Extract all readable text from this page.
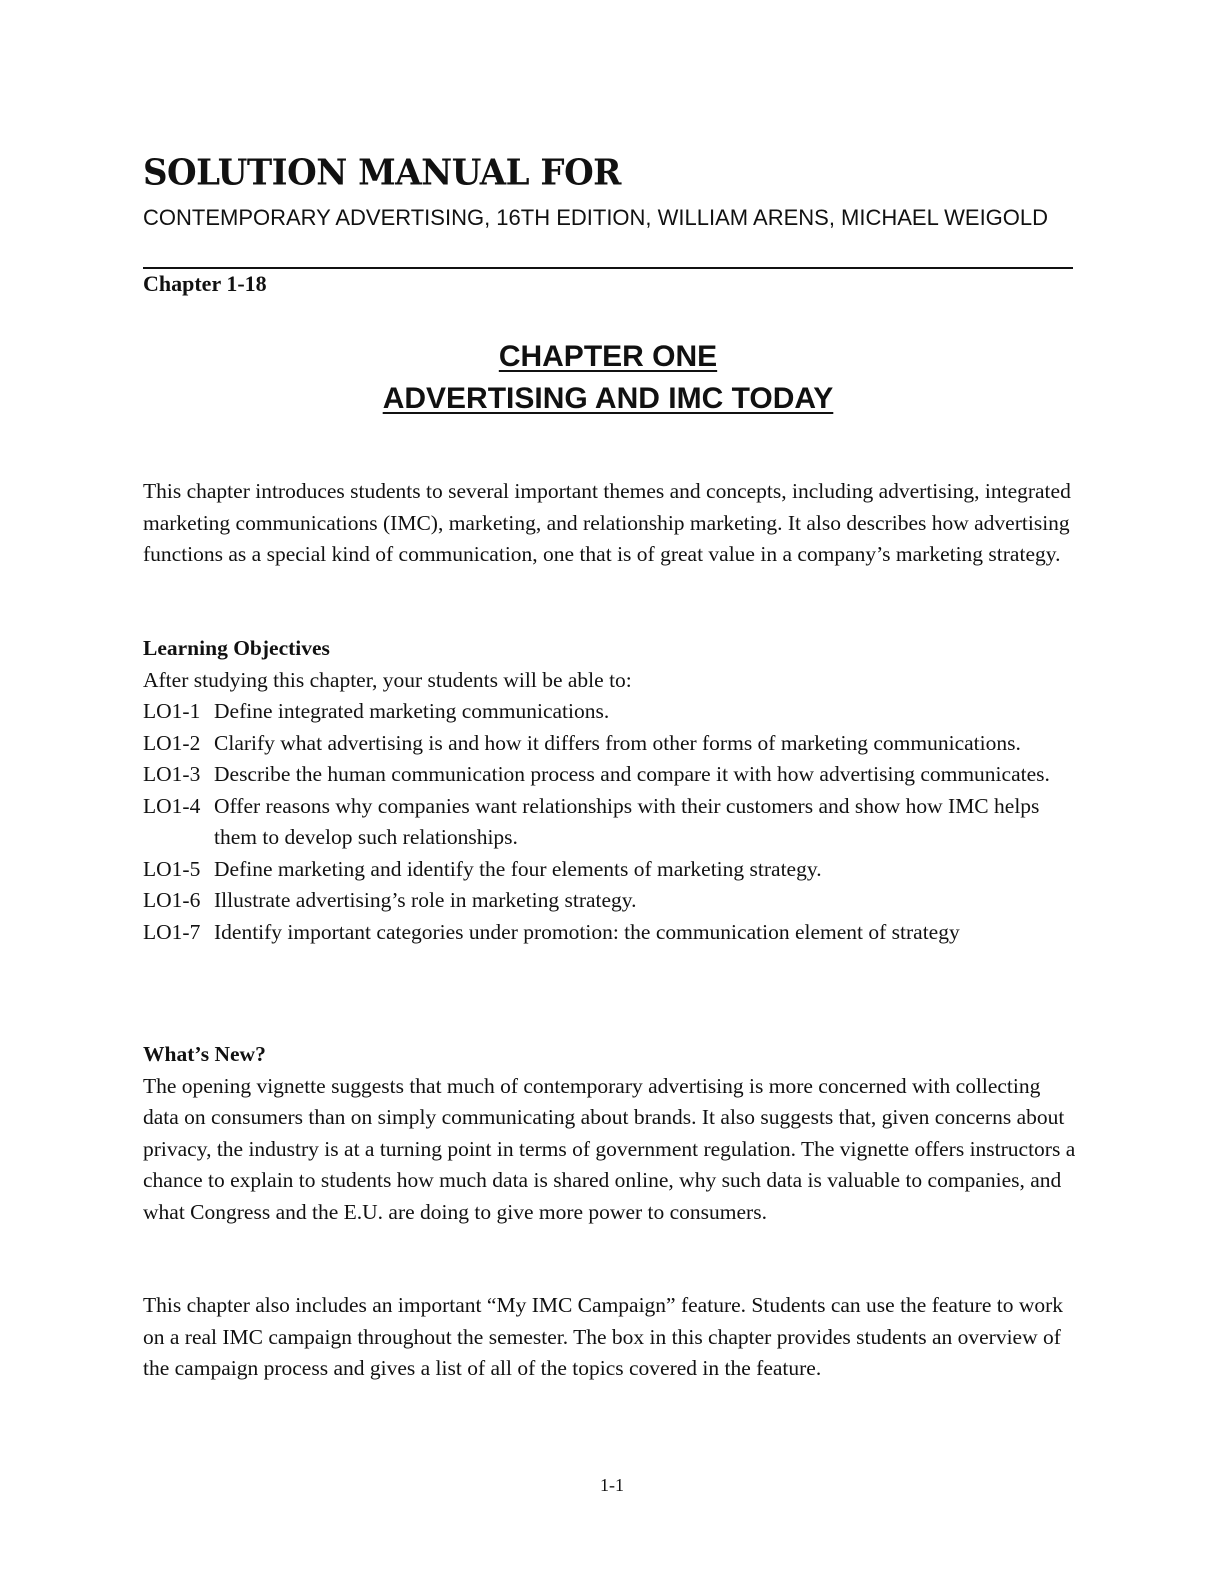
SOLUTION MANUAL FOR
CONTEMPORARY ADVERTISING, 16TH EDITION, WILLIAM ARENS, MICHAEL WEIGOLD
Chapter 1-18
CHAPTER ONE
ADVERTISING AND IMC TODAY
This chapter introduces students to several important themes and concepts, including advertising, integrated marketing communications (IMC), marketing, and relationship marketing. It also describes how advertising functions as a special kind of communication, one that is of great value in a company’s marketing strategy.
Learning Objectives
After studying this chapter, your students will be able to:
LO1-1 Define integrated marketing communications.
LO1-2 Clarify what advertising is and how it differs from other forms of marketing communications.
LO1-3 Describe the human communication process and compare it with how advertising communicates.
LO1-4 Offer reasons why companies want relationships with their customers and show how IMC helps them to develop such relationships.
LO1-5 Define marketing and identify the four elements of marketing strategy.
LO1-6 Illustrate advertising’s role in marketing strategy.
LO1-7 Identify important categories under promotion: the communication element of strategy
What’s New?
The opening vignette suggests that much of contemporary advertising is more concerned with collecting data on consumers than on simply communicating about brands. It also suggests that, given concerns about privacy, the industry is at a turning point in terms of government regulation. The vignette offers instructors a chance to explain to students how much data is shared online, why such data is valuable to companies, and what Congress and the E.U. are doing to give more power to consumers.
This chapter also includes an important “My IMC Campaign” feature. Students can use the feature to work on a real IMC campaign throughout the semester. The box in this chapter provides students an overview of the campaign process and gives a list of all of the topics covered in the feature.
1-1
